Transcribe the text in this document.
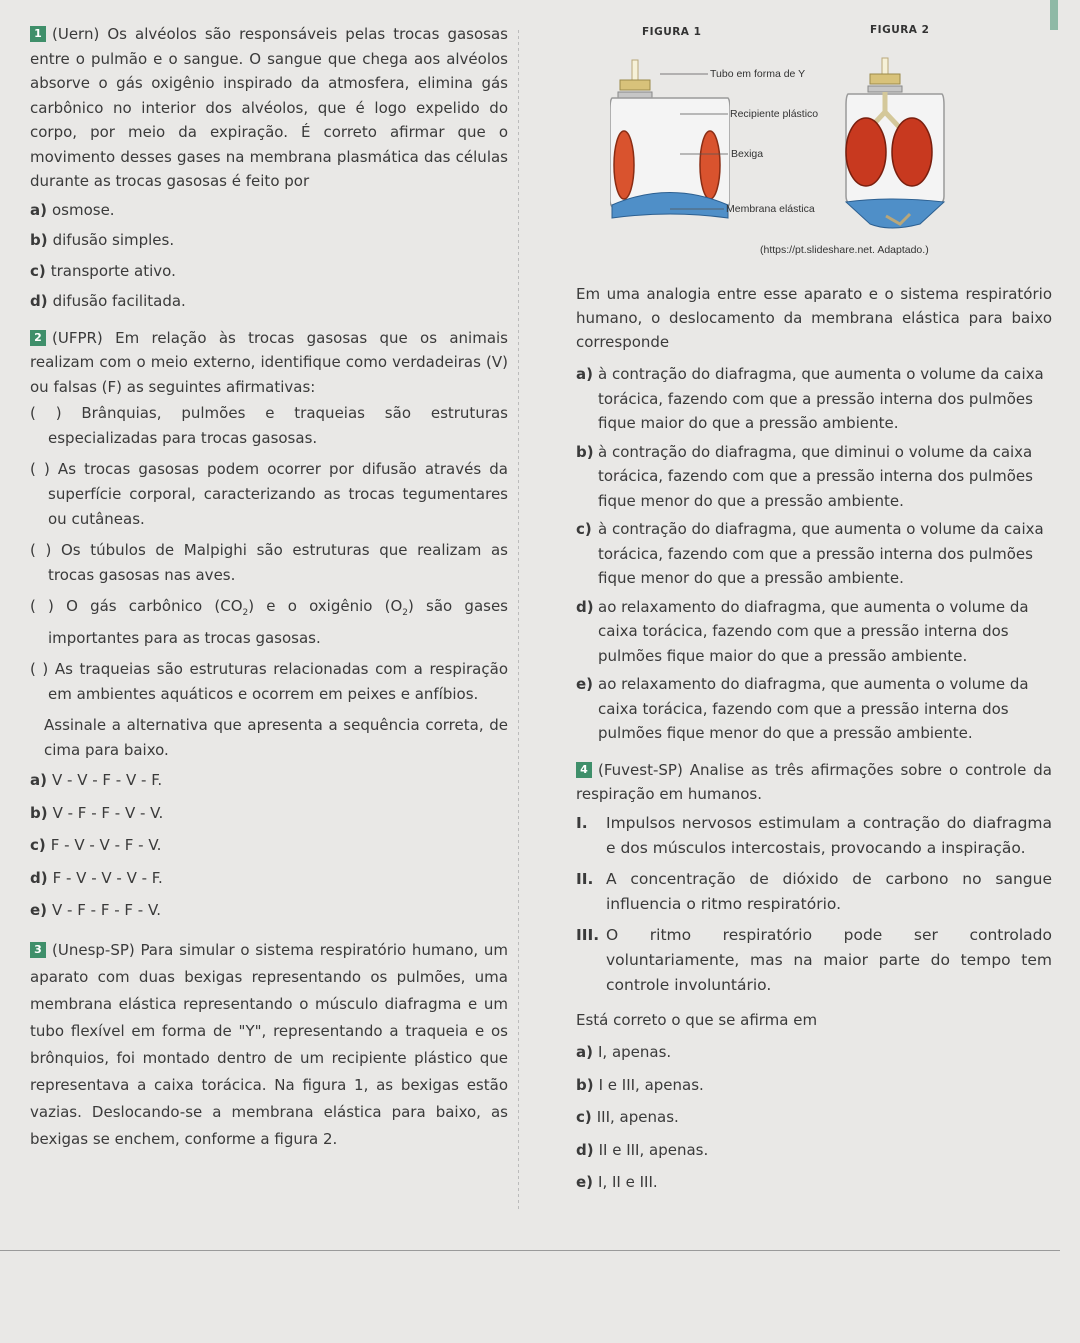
1 (Uern) Os alvéolos são responsáveis pelas trocas gasosas entre o pulmão e o sangue. O sangue que chega aos alvéolos absorve o gás oxigênio inspirado da atmosfera, elimina gás carbônico no interior dos alvéolos, que é logo expelido do corpo, por meio da expiração. É correto afirmar que o movimento desses gases na membrana plasmática das células durante as trocas gasosas é feito por

a) osmose.
b) difusão simples.
c) transporte ativo.
d) difusão facilitada.

2 (UFPR) Em relação às trocas gasosas que os animais realizam com o meio externo, identifique como verdadeiras (V) ou falsas (F) as seguintes afirmativas:

( ) Brânquias, pulmões e traqueias são estruturas especializadas para trocas gasosas.

( ) As trocas gasosas podem ocorrer por difusão através da superfície corporal, caracterizando as trocas tegumentares ou cutâneas.

( ) Os túbulos de Malpighi são estruturas que realizam as trocas gasosas nas aves.

( ) O gás carbônico $(CO_2)$ e o oxigênio $(O_2)$ são gases importantes para as trocas gasosas.

( ) As traqueias são estruturas relacionadas com a respiração em ambientes aquáticos e ocorrem em peixes e anfíbios.

Assinale a alternativa que apresenta a sequência correta, de cima para baixo.

a) V - V - F - V - F.
b) V - F - F - V - V.
c) F - V - V - F - V.
d) F - V - V - V - F.
e) V - F - F - F - V.

3 (Unesp-SP) Para simular o sistema respiratório humano, um aparato com duas bexigas representando os pulmões, uma membrana elástica representando o músculo diafragma e um tubo flexível em forma de "Y", representando a traqueia e os brônquios, foi montado dentro de um recipiente plástico que representava a caixa torácica. Na figura 1, as bexigas estão vazias. Deslocando-se a membrana elástica para baixo, as bexigas se enchem, conforme a figura 2.

FIGURA 1	FIGURA 2
Tubo em forma de Y
Recipiente plástico
Bexiga
Membrana elástica
(https://pt.slideshare.net. Adaptado.)

Em uma analogia entre esse aparato e o sistema respiratório humano, o deslocamento da membrana elástica para baixo corresponde

a) à contração do diafragma, que aumenta o volume da caixa torácica, fazendo com que a pressão interna dos pulmões fique maior do que a pressão ambiente.
b) à contração do diafragma, que diminui o volume da caixa torácica, fazendo com que a pressão interna dos pulmões fique menor do que a pressão ambiente.
c) à contração do diafragma, que aumenta o volume da caixa torácica, fazendo com que a pressão interna dos pulmões fique menor do que a pressão ambiente.
d) ao relaxamento do diafragma, que aumenta o volume da caixa torácica, fazendo com que a pressão interna dos pulmões fique maior do que a pressão ambiente.
e) ao relaxamento do diafragma, que aumenta o volume da caixa torácica, fazendo com que a pressão interna dos pulmões fique menor do que a pressão ambiente.

4 (Fuvest-SP) Analise as três afirmações sobre o controle da respiração em humanos.

I.	Impulsos nervosos estimulam a contração do diafragma e dos músculos intercostais, provocando a inspiração.
II. A concentração de dióxido de carbono no sangue influencia o ritmo respiratório.
III. O ritmo respiratório pode ser controlado voluntariamente, mas na maior parte do tempo tem controle involuntário.

Está correto o que se afirma em

a) I, apenas.
b) I e III, apenas.
c) III, apenas.
d) II e III, apenas.
e) I, II e III.
